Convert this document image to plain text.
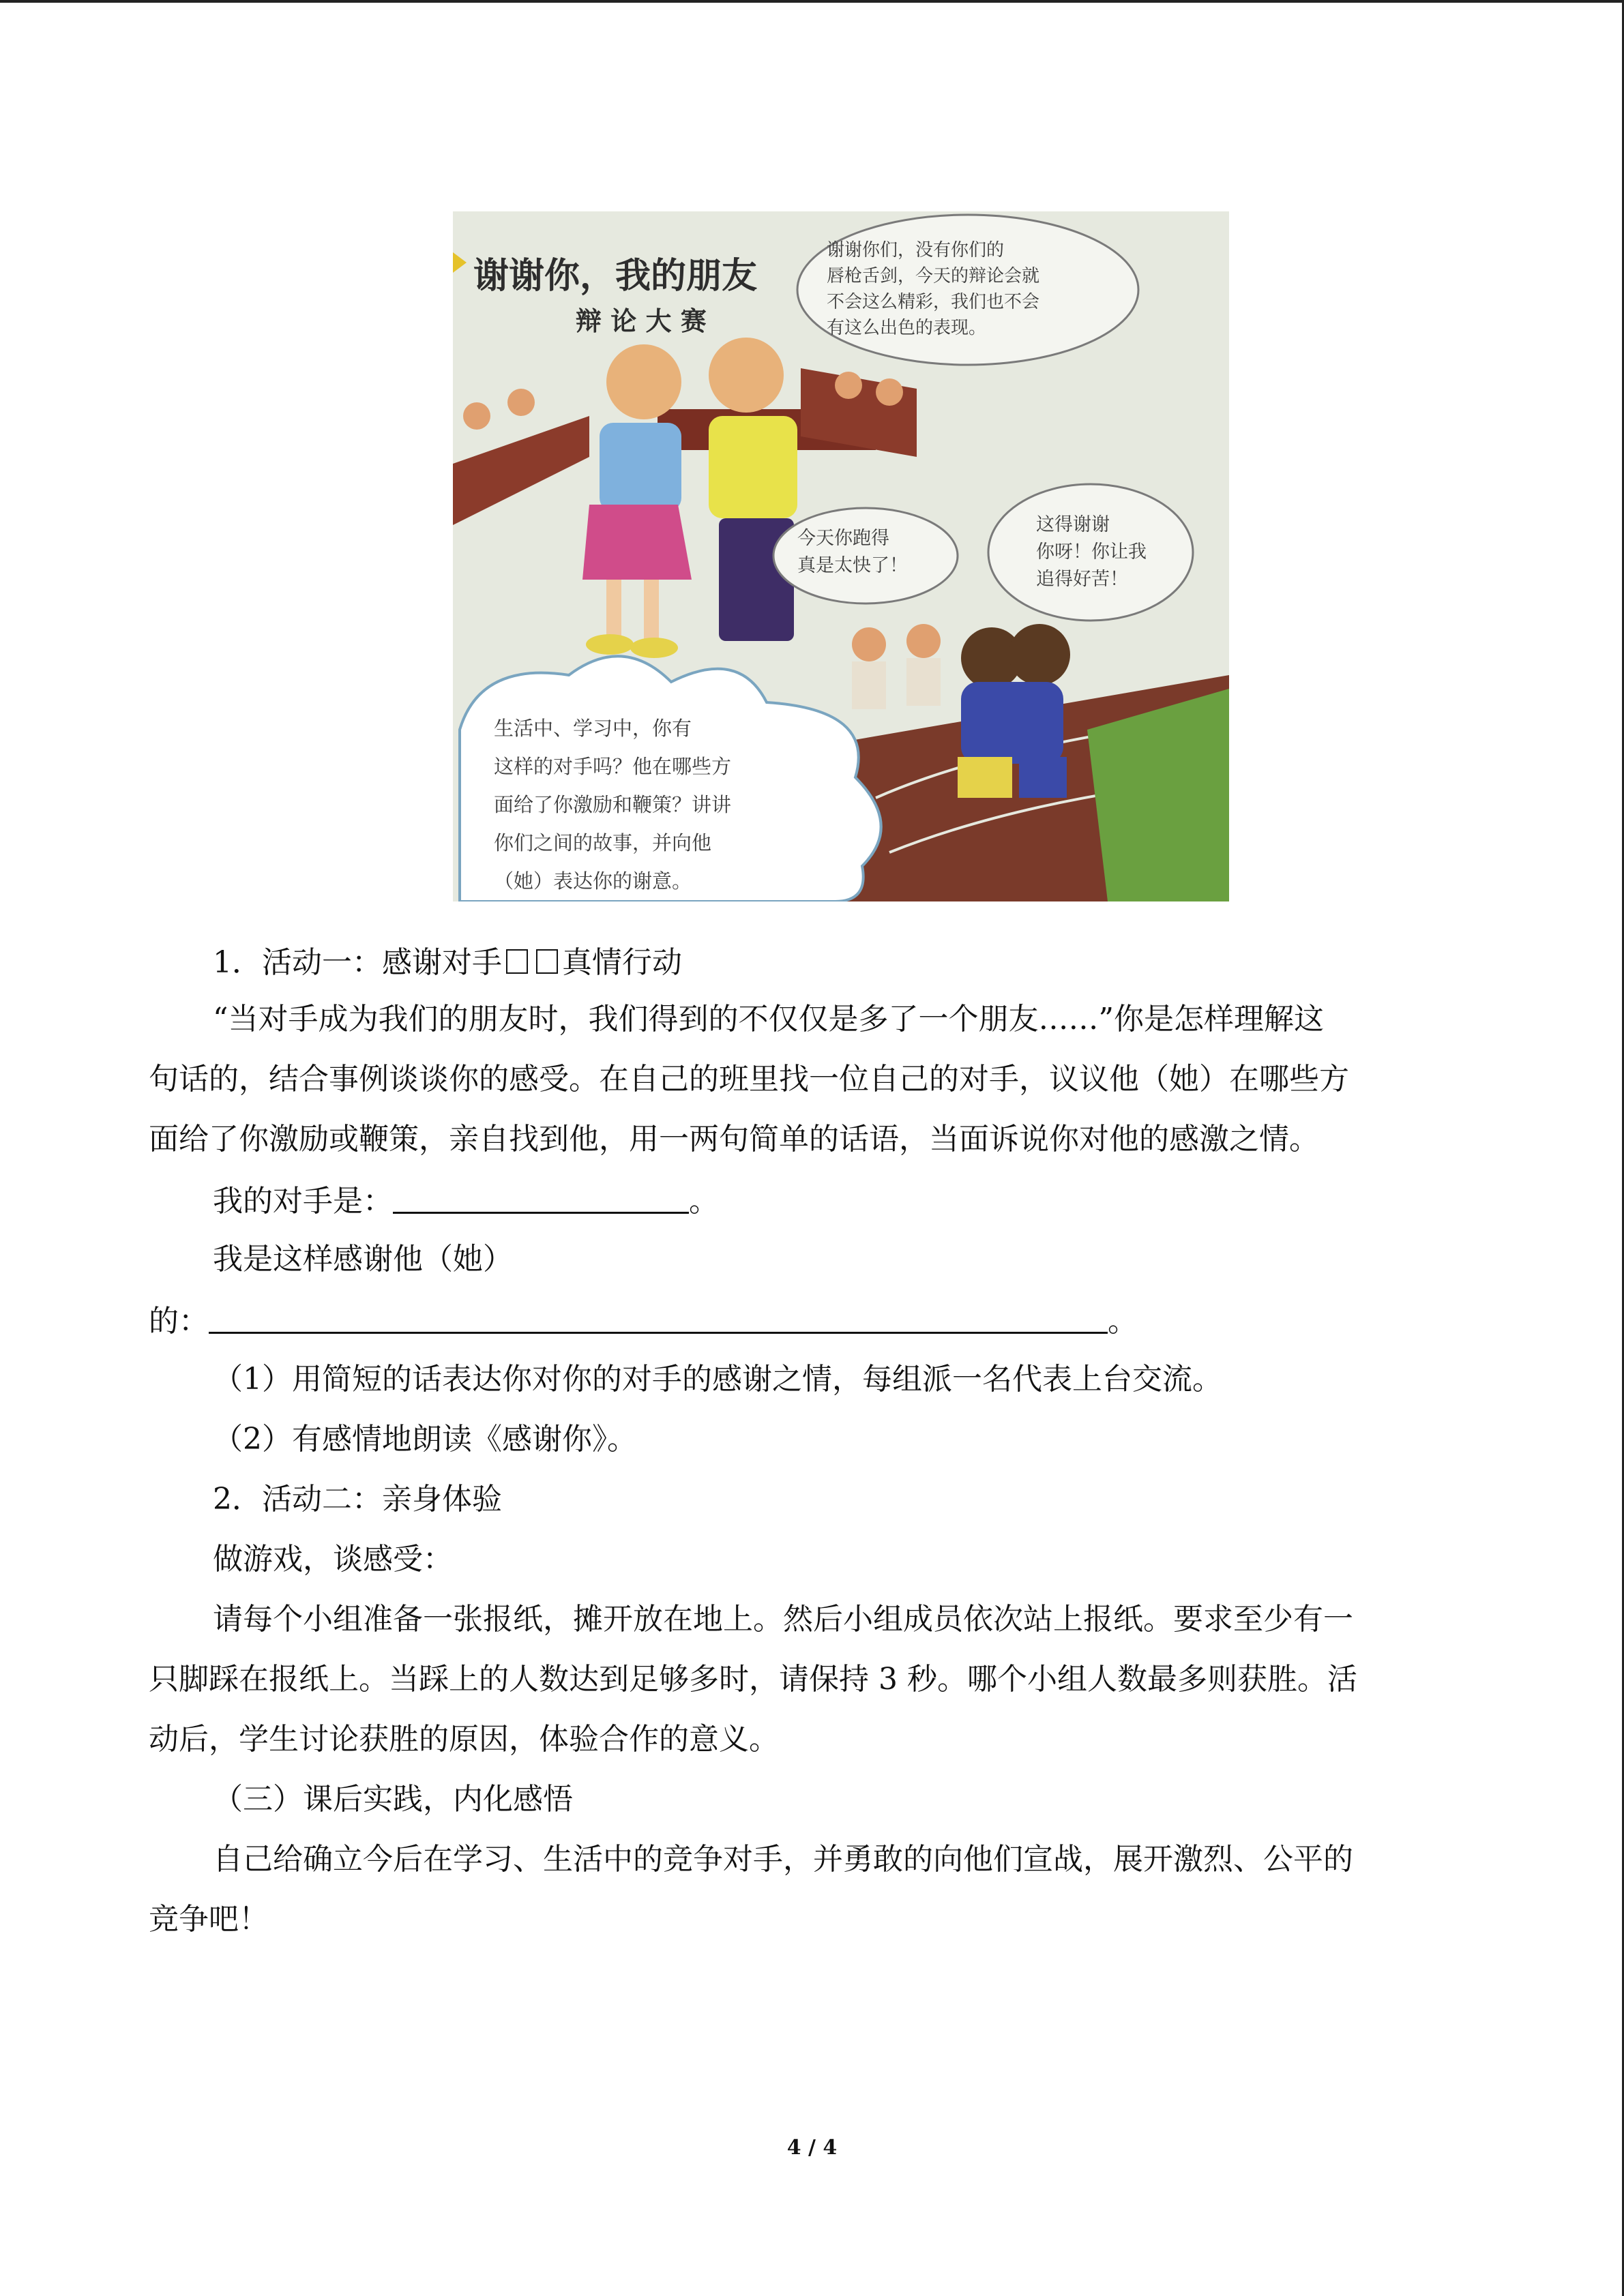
谢谢你，我的朋友
辩 论 大 赛
谢谢你们，没有你们的
唇枪舌剑，今天的辩论会就
不会这么精彩，我们也不会
有这么出色的表现。
今天你跑得
真是太快了！
这得谢谢
你呀！你让我
追得好苦！
生活中、学习中，你有
这样的对手吗？他在哪些方
面给了你激励和鞭策？讲讲
你们之间的故事，并向他
（她）表达你的谢意。
1．活动一：感谢对手 真情行动
“当对手成为我们的朋友时，我们得到的不仅仅是多了一个朋友……”你是怎样理解这
句话的，结合事例谈谈你的感受。在自己的班里找一位自己的对手，议议他（她）在哪些方
面给了你激励或鞭策，亲自找到他，用一两句简单的话语，当面诉说你对他的感激之情。
我的对手是：	。
我是这样感谢他（她）
的：	。
（1）用简短的话表达你对你的对手的感谢之情，每组派一名代表上台交流。
（2）有感情地朗读《感谢你》。
2．活动二：亲身体验
做游戏，谈感受：
请每个小组准备一张报纸，摊开放在地上。然后小组成员依次站上报纸。要求至少有一
只脚踩在报纸上。当踩上的人数达到足够多时，请保持 3 秒。哪个小组人数最多则获胜。活
动后，学生讨论获胜的原因，体验合作的意义。
（三）课后实践，内化感悟
自己给确立今后在学习、生活中的竞争对手，并勇敢的向他们宣战，展开激烈、公平的
竞争吧！
4 / 4
